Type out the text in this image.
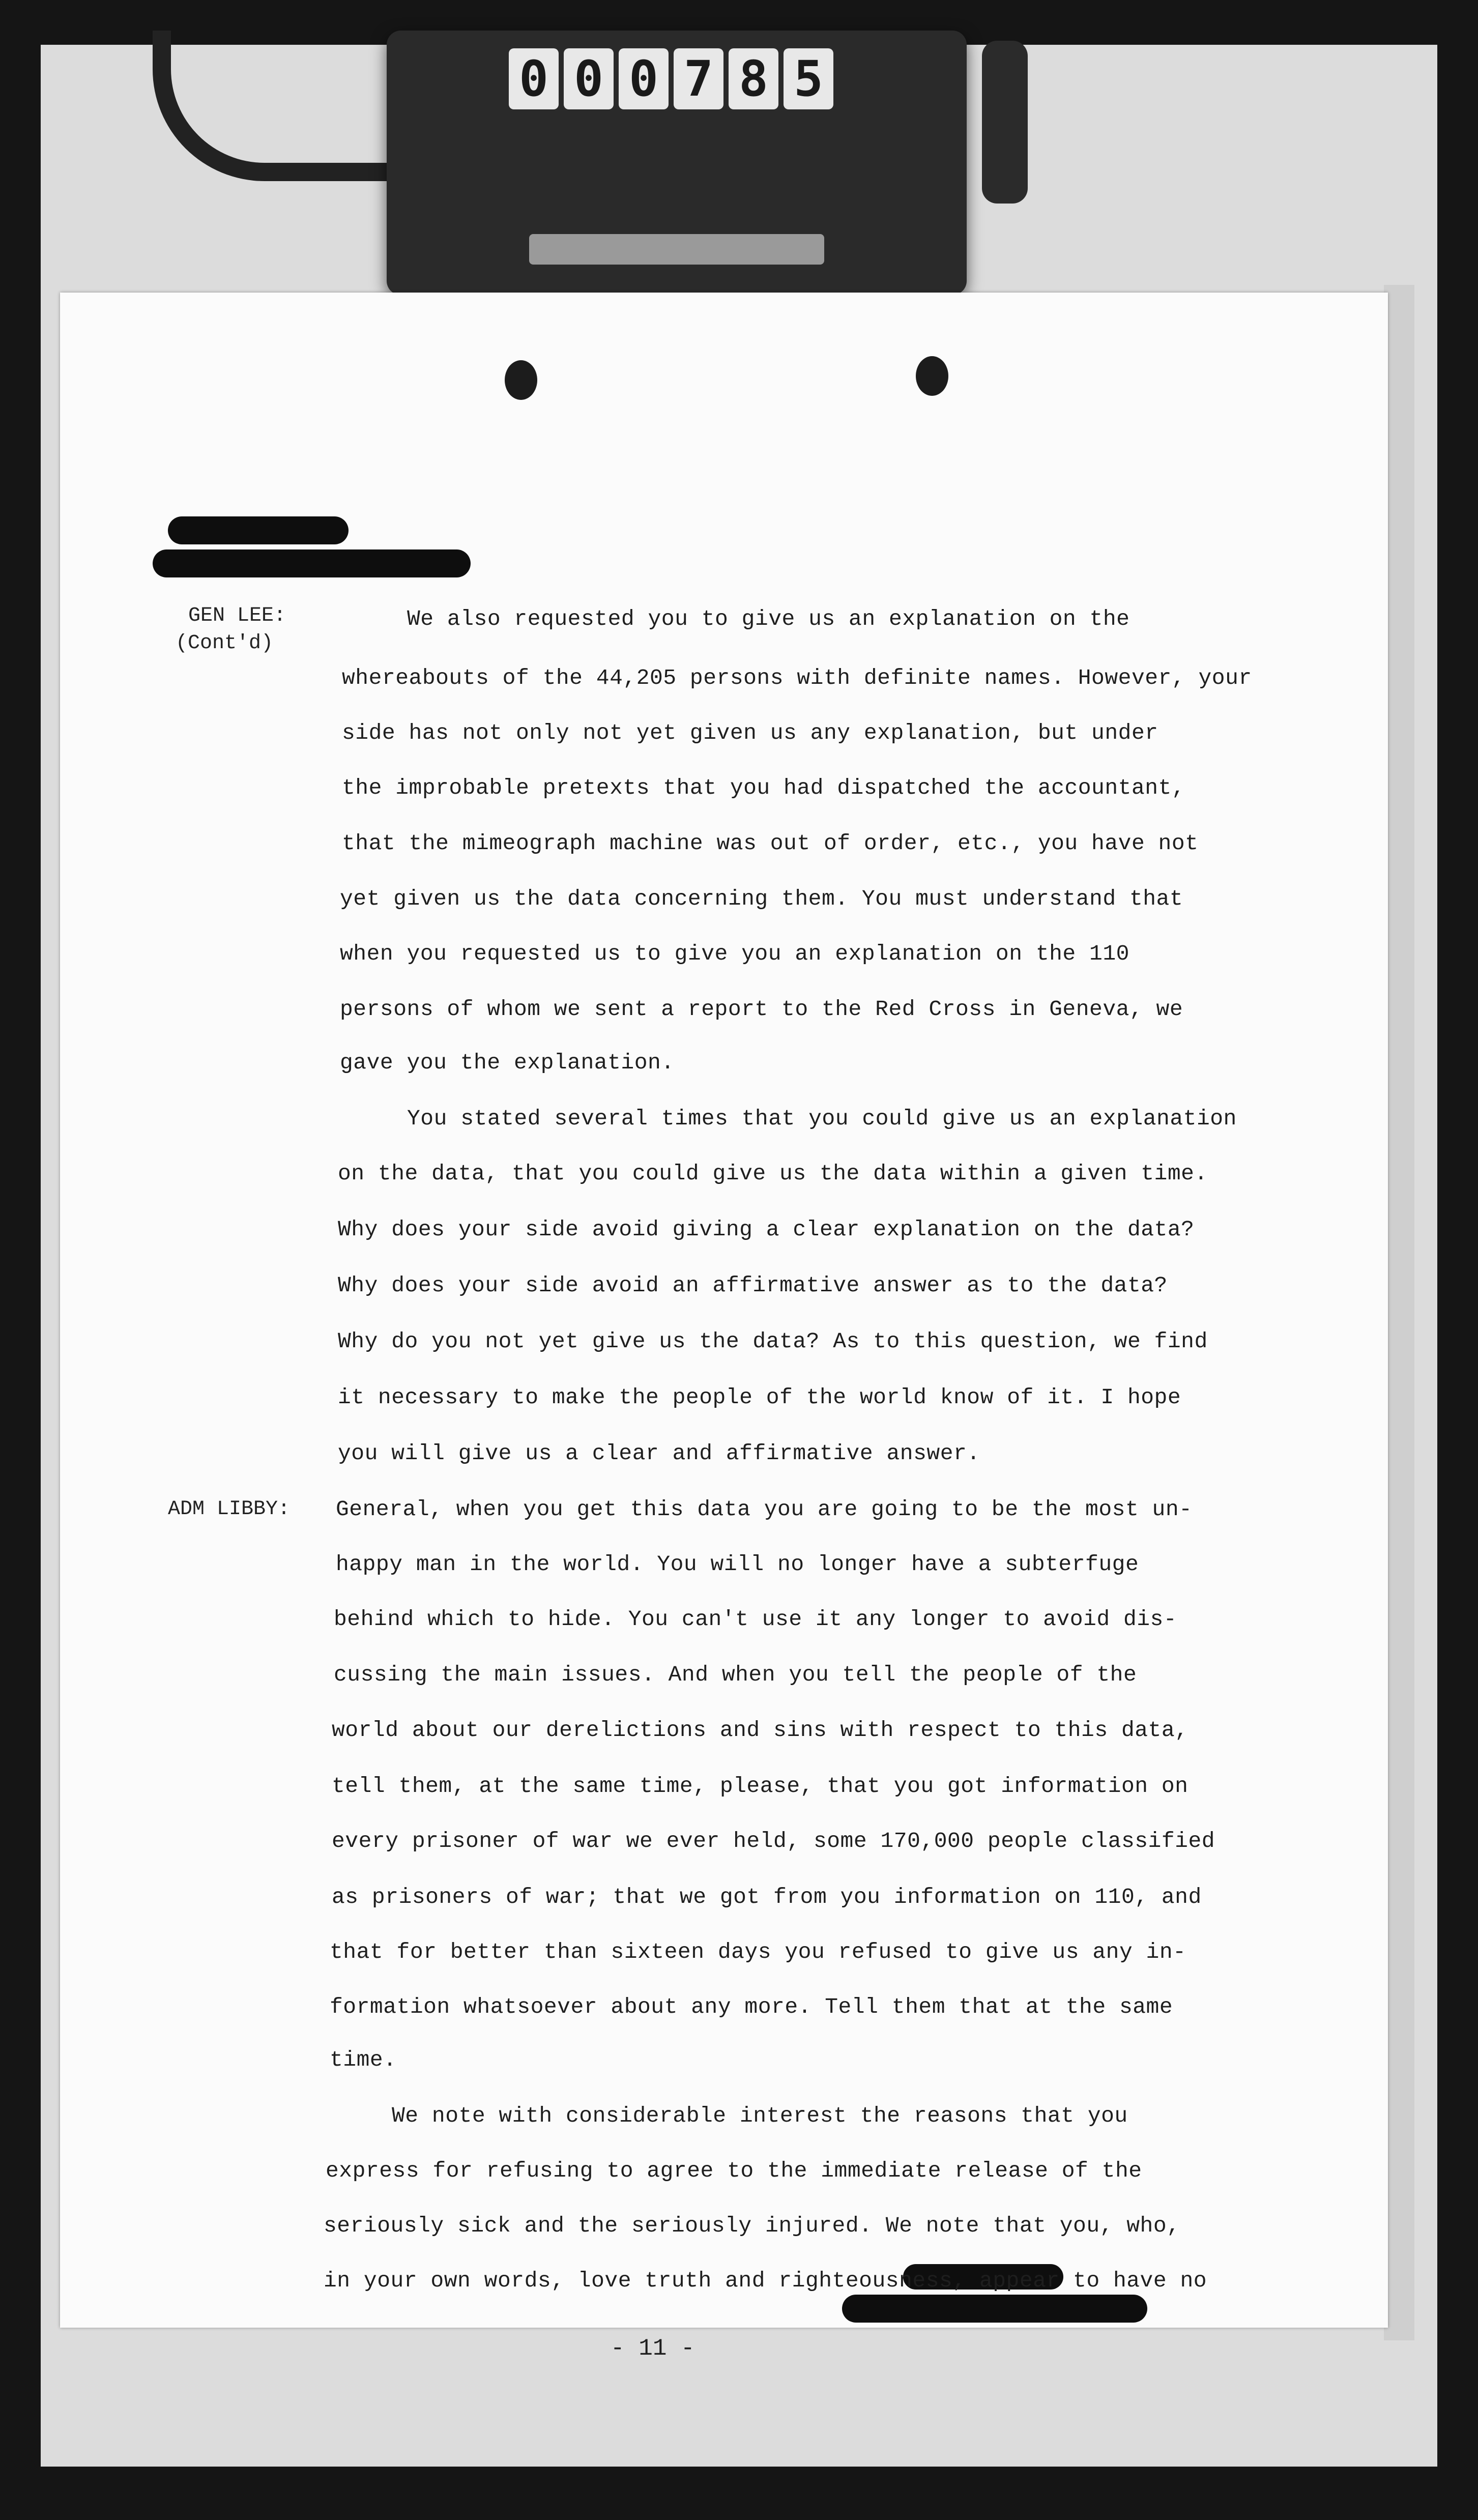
0 0 0 7 8 5
GEN LEE:
(Cont'd)
ADM LIBBY:
We also requested you to give us an explanation on the
whereabouts of the 44,205 persons with definite names. However, your
side has not only not yet given us any explanation, but under
the improbable pretexts that you had dispatched the accountant,
that the mimeograph machine was out of order, etc., you have not
yet given us the data concerning them. You must understand that
when you requested us to give you an explanation on the 110
persons of whom we sent a report to the Red Cross in Geneva, we
gave you the explanation.
You stated several times that you could give us an explanation
on the data, that you could give us the data within a given time.
Why does your side avoid giving a clear explanation on the data?
Why does your side avoid an affirmative answer as to the data?
Why do you not yet give us the data? As to this question, we find
it necessary to make the people of the world know of it. I hope
you will give us a clear and affirmative answer.
General, when you get this data you are going to be the most un-
happy man in the world. You will no longer have a subterfuge
behind which to hide. You can't use it any longer to avoid dis-
cussing the main issues. And when you tell the people of the
world about our derelictions and sins with respect to this data,
tell them, at the same time, please, that you got information on
every prisoner of war we ever held, some 170,000 people classified
as prisoners of war; that we got from you information on 110, and
that for better than sixteen days you refused to give us any in-
formation whatsoever about any more. Tell them that at the same
time.
We note with considerable interest the reasons that you
express for refusing to agree to the immediate release of the
seriously sick and the seriously injured. We note that you, who,
in your own words, love truth and righteousness, appear to have no
- 11 -
